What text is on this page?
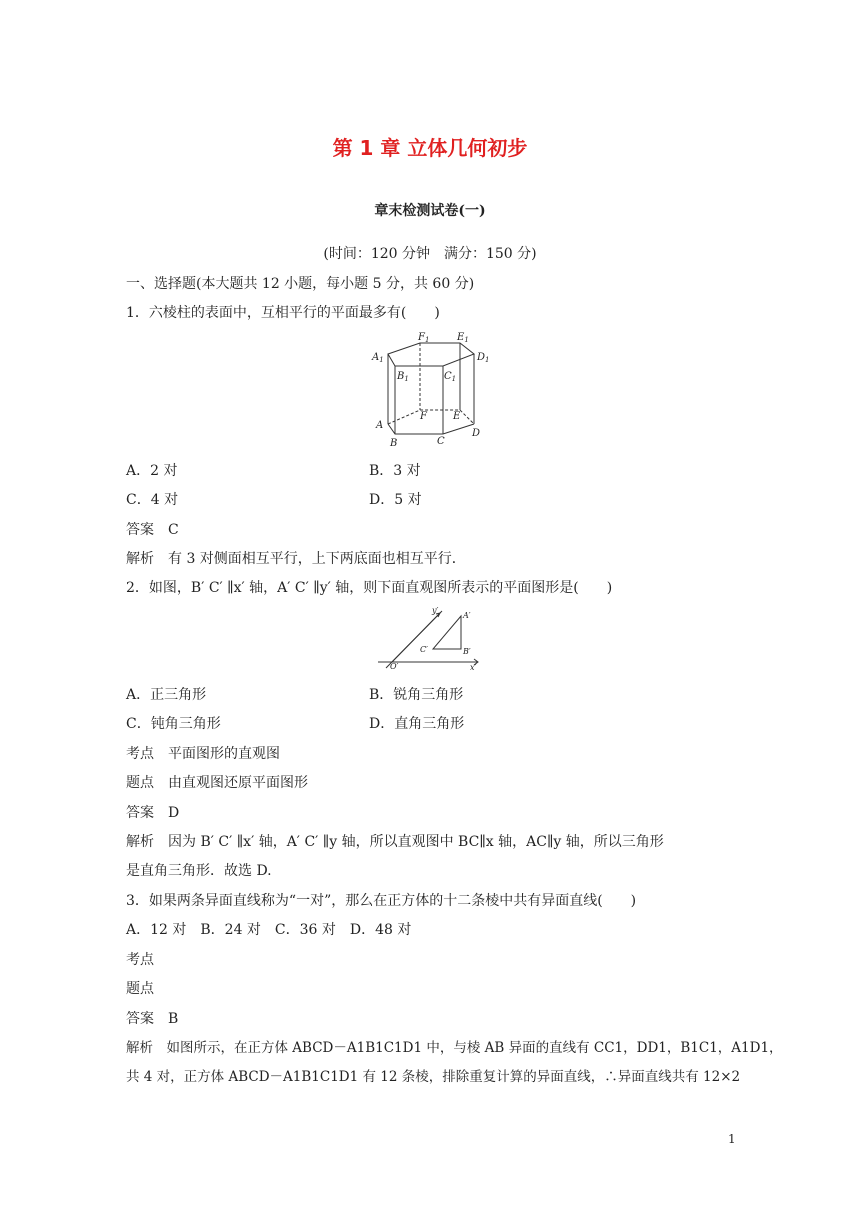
第 1 章 立体几何初步
章末检测试卷(一)
(时间：120 分钟　满分：150 分)
一、选择题(本大题共 12 小题，每小题 5 分，共 60 分)
1．六棱柱的表面中，互相平行的平面最多有(　　)
$A_1$
$F_1$	$E_1$
$D_1$
$B_1$	$C_1$
F	E
A
B	C
D
A．2 对	B．3 对
C．4 对	D．5 对
答案　 C
解析　 有 3 对侧面相互平行，上下两底面也相互平行．
2．如图，B′ C′ ∥x′ 轴，A′ C′ ∥y′ 轴，则下面直观图所表示的平面图形是(　　)
y′
A′
C′	B′
O′	x′
A．正三角形	B．锐角三角形
C．钝角三角形	D．直角三角形
考点　 平面图形的直观图
题点　 由直观图还原平面图形
答案　 D
解析　 因为 B′ C′ ∥x′ 轴，A′ C′ ∥y 轴，所以直观图中 BC∥x 轴，AC∥y 轴，所以三角形
是直角三角形．故选 D.
3．如果两条异面直线称为“一对”，那么在正方体的十二条棱中共有异面直线(　　)
A．12 对　B．24 对　C．36 对　D．48 对
考点
题点
答案　 B
解析　 如图所示，在正方体 ABCD－A1B1C1D1 中，与棱 AB 异面的直线有 CC1，DD1，B1C1，A1D1，
共 4 对，正方体 ABCD－A1B1C1D1 有 12 条棱，排除重复计算的异面直线，∴异面直线共有 12×2
1
